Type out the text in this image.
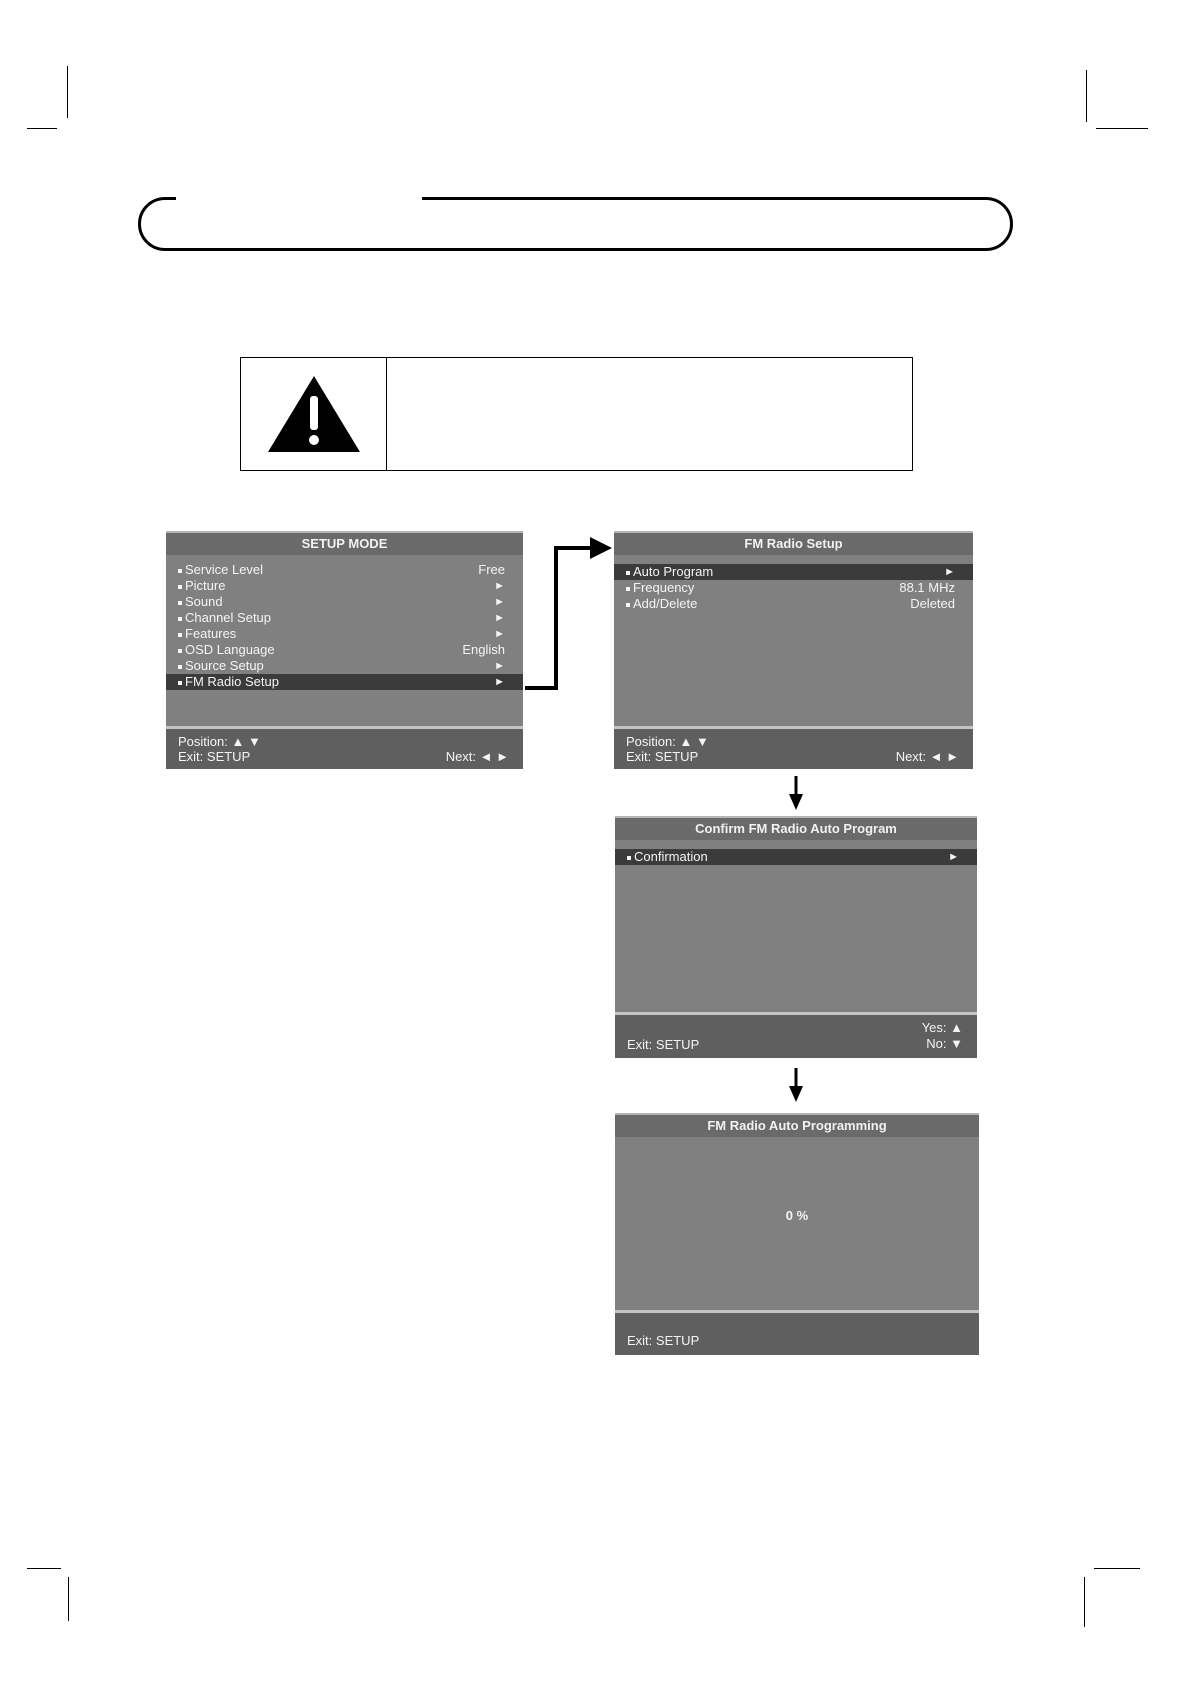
SETUP MODE
Service Level	Free
Picture	►
Sound	►
Channel Setup	►
Features	►
OSD Language	English
Source Setup	►
FM Radio Setup	►
Position: ▲ ▼
Exit: SETUP	Next: ◄ ►
FM Radio Setup
Auto Program	►
Frequency	88.1 MHz
Add/Delete	Deleted
Position: ▲ ▼
Exit: SETUP	Next: ◄ ►
Confirm FM Radio Auto Program
Confirmation	►
Yes: ▲
Exit: SETUP	No: ▼
FM Radio Auto Programming
0 %
Exit: SETUP
